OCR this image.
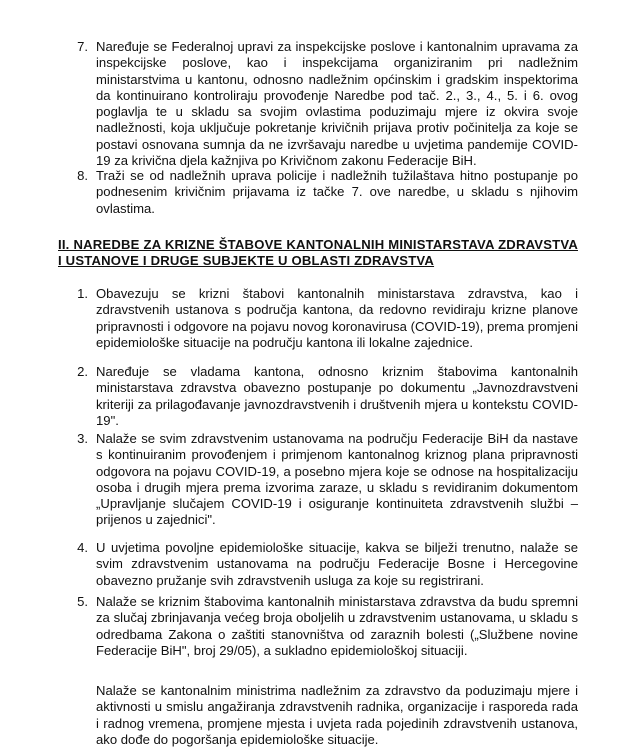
7. Naređuje se Federalnoj upravi za inspekcijske poslove i kantonalnim upravama za inspekcijske poslove, kao i inspekcijama organiziranim pri nadležnim ministarstvima u kantonu, odnosno nadležnim općinskim i gradskim inspektorima da kontinuirano kontroliraju provođenje Naredbe pod tač. 2., 3., 4., 5. i 6. ovog poglavlja te u skladu sa svojim ovlastima poduzimaju mjere iz okvira svoje nadležnosti, koja uključuje pokretanje krivičnih prijava protiv počinitelja za koje se postavi osnovana sumnja da ne izvršavaju naredbe u uvjetima pandemije COVID-19 za krivična djela kažnjiva po Krivičnom zakonu Federacije BiH.
8. Traži se od nadležnih uprava policije i nadležnih tužilaštava hitno postupanje po podnesenim krivičnim prijavama iz tačke 7. ove naredbe, u skladu s njihovim ovlastima.
II. NAREDBE ZA KRIZNE ŠTABOVE KANTONALNIH MINISTARSTAVA ZDRAVSTVA I USTANOVE I DRUGE SUBJEKTE U OBLASTI ZDRAVSTVA
1. Obavezuju se krizni štabovi kantonalnih ministarstava zdravstva, kao i zdravstvenih ustanova s područja kantona, da redovno revidiraju krizne planove pripravnosti i odgovore na pojavu novog koronavirusa (COVID-19), prema promjeni epidemiološke situacije na području kantona ili lokalne zajednice.
2. Naređuje se vladama kantona, odnosno kriznim štabovima kantonalnih ministarstava zdravstva obavezno postupanje po dokumentu „Javnozdravstveni kriteriji za prilagođavanje javnozdravstvenih i društvenih mjera u kontekstu COVID-19".
3. Nalaže se svim zdravstvenim ustanovama na području Federacije BiH da nastave s kontinuiranim provođenjem i primjenom kantonalnog kriznog plana pripravnosti odgovora na pojavu COVID-19, a posebno mjera koje se odnose na hospitalizaciju osoba i drugih mjera prema izvorima zaraze, u skladu s revidiranim dokumentom „Upravljanje slučajem COVID-19 i osiguranje kontinuiteta zdravstvenih službi – prijenos u zajednici".
4. U uvjetima povoljne epidemiološke situacije, kakva se bilježi trenutno, nalaže se svim zdravstvenim ustanovama na području Federacije Bosne i Hercegovine obavezno pružanje svih zdravstvenih usluga za koje su registrirani.
5. Nalaže se kriznim štabovima kantonalnih ministarstava zdravstva da budu spremni za slučaj zbrinjavanja većeg broja oboljelih u zdravstvenim ustanovama, u skladu s odredbama Zakona o zaštiti stanovništva od zaraznih bolesti („Službene novine Federacije BiH", broj 29/05), a sukladno epidemiološkoj situaciji.
Nalaže se kantonalnim ministrima nadležnim za zdravstvo da poduzimaju mjere i aktivnosti u smislu angažiranja zdravstvenih radnika, organizacije i rasporeda rada i radnog vremena, promjene mjesta i uvjeta rada pojedinih zdravstvenih ustanova, ako dođe do pogoršanja epidemiološke situacije.
